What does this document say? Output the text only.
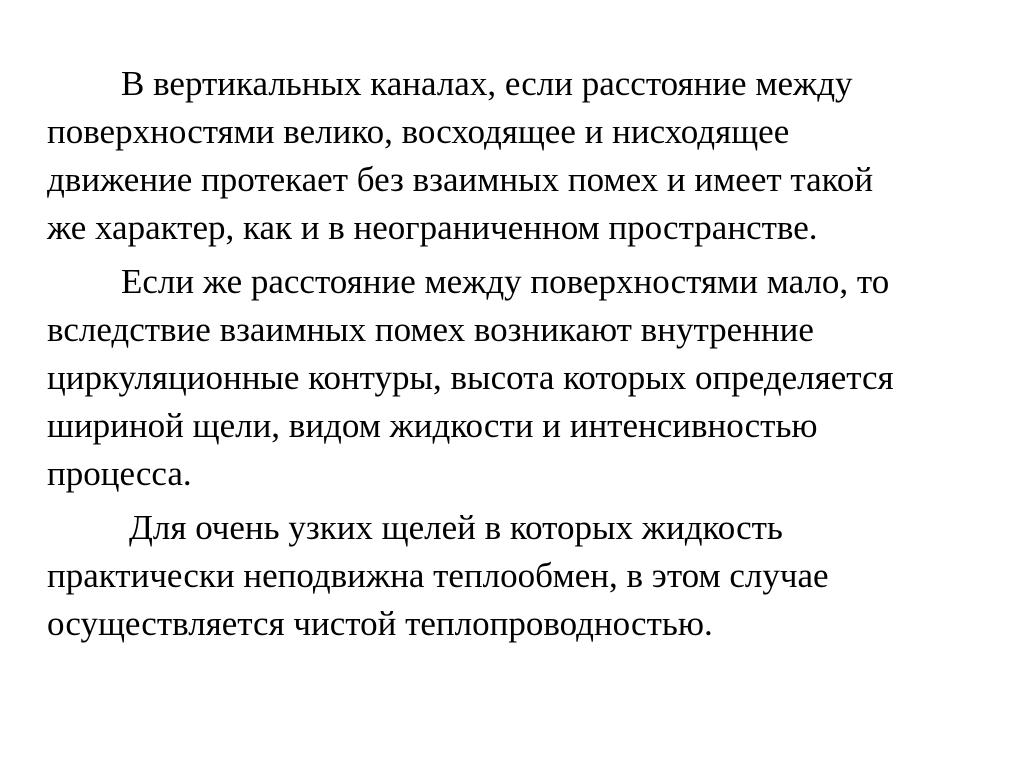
В вертикальных каналах, если расстояние между
поверхностями велико, восходящее и нисходящее
движение протекает без взаимных помех и имеет такой
же характер, как и в неограниченном пространстве.

Если же расстояние между поверхностями мало, то
вследствие взаимных помех возникают внутренние
циркуляционные контуры, высота которых определяется
шириной щели, видом жидкости и интенсивностью
процесса.

Для очень узких щелей в которых жидкость
практически неподвижна теплообмен, в этом случае
осуществляется чистой теплопроводностью.
